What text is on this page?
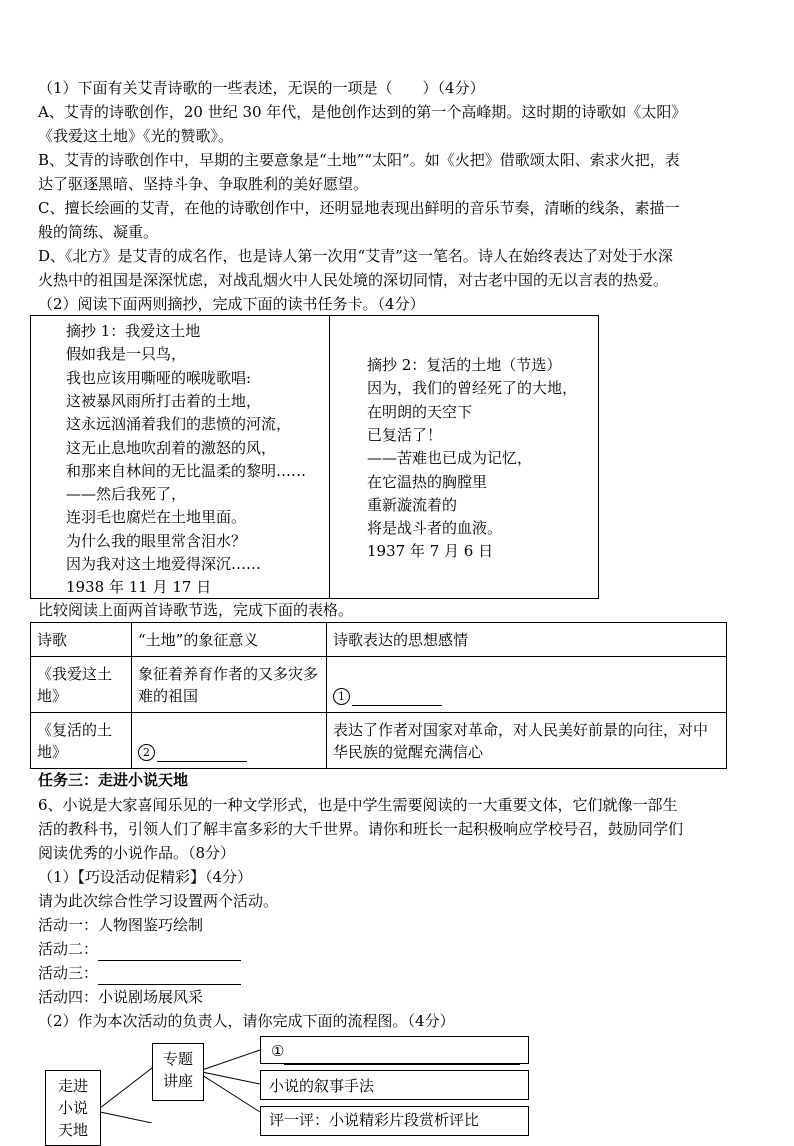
（1）下面有关艾青诗歌的一些表述，无误的一项是（　　）（4分）
A、艾青的诗歌创作，20 世纪 30 年代，是他创作达到的第一个高峰期。这时期的诗歌如《太阳》
《我爱这土地》《光的赞歌》。
B、艾青的诗歌创作中，早期的主要意象是“土地”“太阳”。如《火把》借歌颂太阳、索求火把，表
达了驱逐黑暗、坚持斗争、争取胜利的美好愿望。
C、擅长绘画的艾青，在他的诗歌创作中，还明显地表现出鲜明的音乐节奏，清晰的线条，素描一
般的简练、凝重。
D、《北方》是艾青的成名作，也是诗人第一次用“艾青”这一笔名。诗人在始终表达了对处于水深
火热中的祖国是深深忧虑，对战乱烟火中人民处境的深切同情，对古老中国的无以言表的热爱。
（2）阅读下面两则摘抄，完成下面的读书任务卡。（4分）
摘抄 1：我爱这土地
假如我是一只鸟，
我也应该用嘶哑的喉咙歌唱:
这被暴风雨所打击着的土地，
这永远汹涌着我们的悲愤的河流，
这无止息地吹刮着的激怒的风，
和那来自林间的无比温柔的黎明……
——然后我死了，
连羽毛也腐烂在土地里面。
为什么我的眼里常含泪水？
因为我对这土地爱得深沉……
1938 年 11 月 17 日
摘抄 2：复活的土地（节选）
因为，我们的曾经死了的大地，
在明朗的天空下
已复活了！
——苦难也已成为记忆，
在它温热的胸膛里
重新漩流着的
将是战斗者的血液。
1937 年 7 月 6 日
比较阅读上面两首诗歌节选，完成下面的表格。
诗歌	“土地”的象征意义	诗歌表达的思想感情
《我爱这土地》	象征着养育作者的又多灾多难的祖国	1
《复活的土地》	2	表达了作者对国家对革命，对人民美好前景的向往，对中华民族的觉醒充满信心
任务三：走进小说天地
6、小说是大家喜闻乐见的一种文学形式，也是中学生需要阅读的一大重要文体，它们就像一部生
活的教科书，引领人们了解丰富多彩的大千世界。请你和班长一起积极响应学校号召，鼓励同学们
阅读优秀的小说作品。（8分）
（1）【巧设活动促精彩】（4分）
请为此次综合性学习设置两个活动。
活动一：人物图鉴巧绘制
活动二：
活动三：
活动四：小说剧场展风采
（2）作为本次活动的负责人，请你完成下面的流程图。（4分）
走进小说天地
专题讲座
①
小说的叙事手法
评一评：小说精彩片段赏析评比
